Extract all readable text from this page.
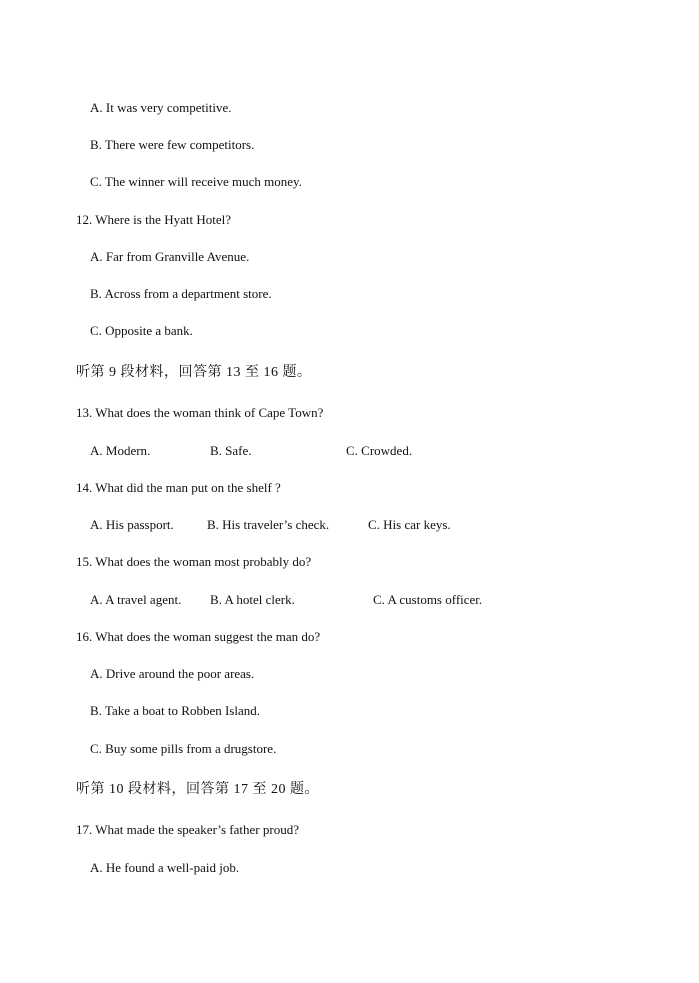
A. It was very competitive.
B. There were few competitors.
C. The winner will receive much money.
12. Where is the Hyatt Hotel?
A. Far from Granville Avenue.
B. Across from a department store.
C. Opposite a bank.
听第 9 段材料，回答第 13 至 16 题。
13. What does the woman think of Cape Town?
A. Modern.	B. Safe.	C. Crowded.
14. What did the man put on the shelf ?
A. His passport.	B. His traveler’s check.	C. His car keys.
15. What does the woman most probably do?
A. A travel agent. B. A hotel clerk.	C. A customs officer.
16. What does the woman suggest the man do?
A. Drive around the poor areas.
B. Take a boat to Robben Island.
C. Buy some pills from a drugstore.
听第 10 段材料，回答第 17 至 20 题。
17. What made the speaker’s father proud?
A. He found a well-paid job.
